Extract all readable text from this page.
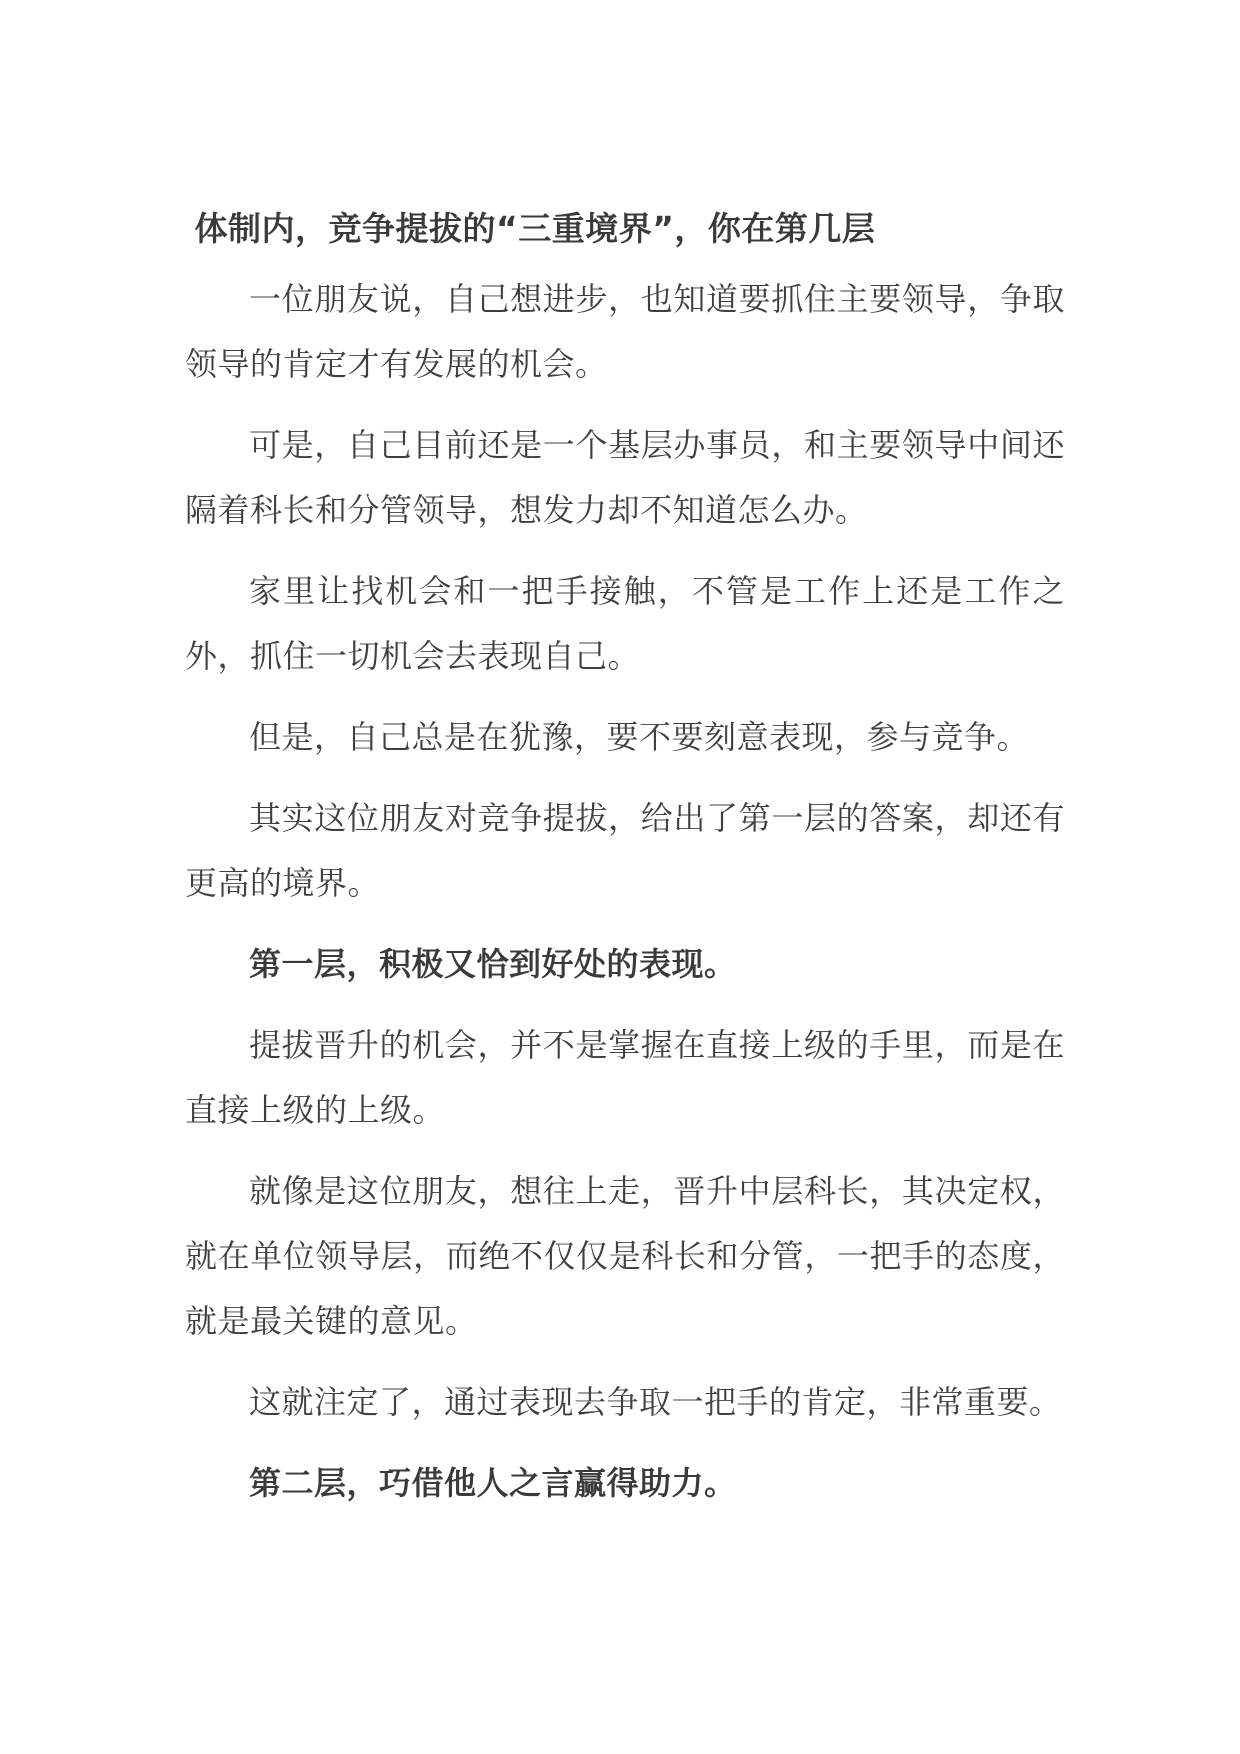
体制内，竞争提拔的“三重境界”，你在第几层

一位朋友说，自己想进步，也知道要抓住主要领导，争取领导的肯定才有发展的机会。

可是，自己目前还是一个基层办事员，和主要领导中间还隔着科长和分管领导，想发力却不知道怎么办。

家里让找机会和一把手接触，不管是工作上还是工作之外，抓住一切机会去表现自己。

但是，自己总是在犹豫，要不要刻意表现，参与竞争。

其实这位朋友对竞争提拔，给出了第一层的答案，却还有更高的境界。

第一层，积极又恰到好处的表现。

提拔晋升的机会，并不是掌握在直接上级的手里，而是在直接上级的上级。

就像是这位朋友，想往上走，晋升中层科长，其决定权，就在单位领导层，而绝不仅仅是科长和分管，一把手的态度，就是最关键的意见。

这就注定了，通过表现去争取一把手的肯定，非常重要。

第二层，巧借他人之言赢得助力。
